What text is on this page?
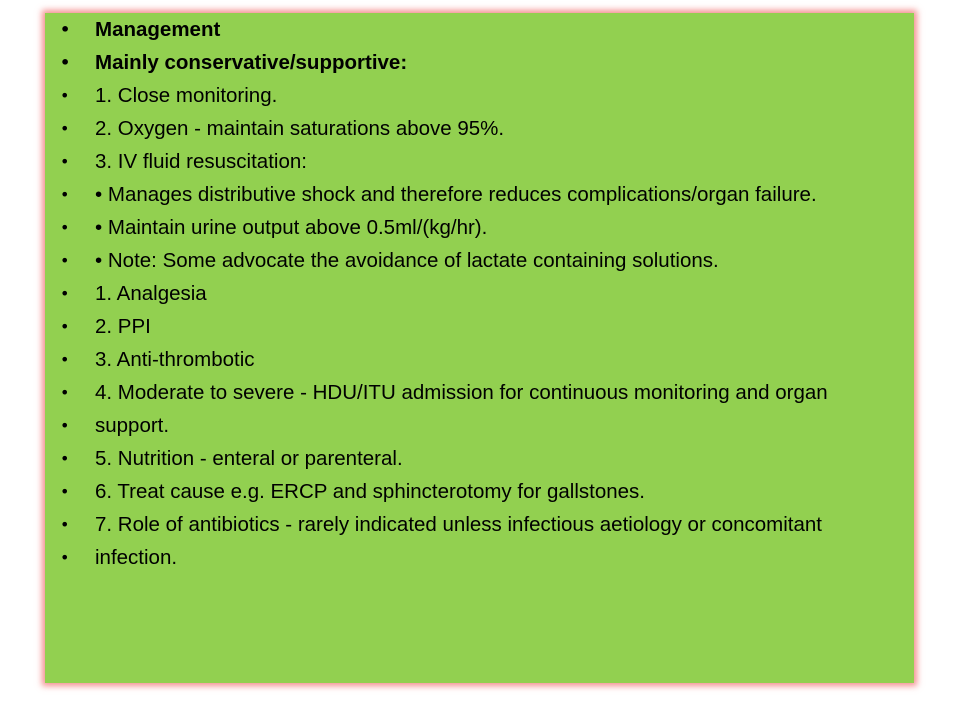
• Management
• Mainly conservative/supportive:
• 1. Close monitoring.
• 2. Oxygen - maintain saturations above 95%.
• 3. IV fluid resuscitation:
• • Manages distributive shock and therefore reduces complications/organ failure.
• • Maintain urine output above 0.5ml/(kg/hr).
• • Note: Some advocate the avoidance of lactate containing solutions.
• 1. Analgesia
• 2. PPI
• 3. Anti-thrombotic
• 4. Moderate to severe - HDU/ITU admission for continuous monitoring and organ
• support.
• 5. Nutrition - enteral or parenteral.
• 6. Treat cause e.g. ERCP and sphincterotomy for gallstones.
• 7. Role of antibiotics - rarely indicated unless infectious aetiology or concomitant
• infection.
